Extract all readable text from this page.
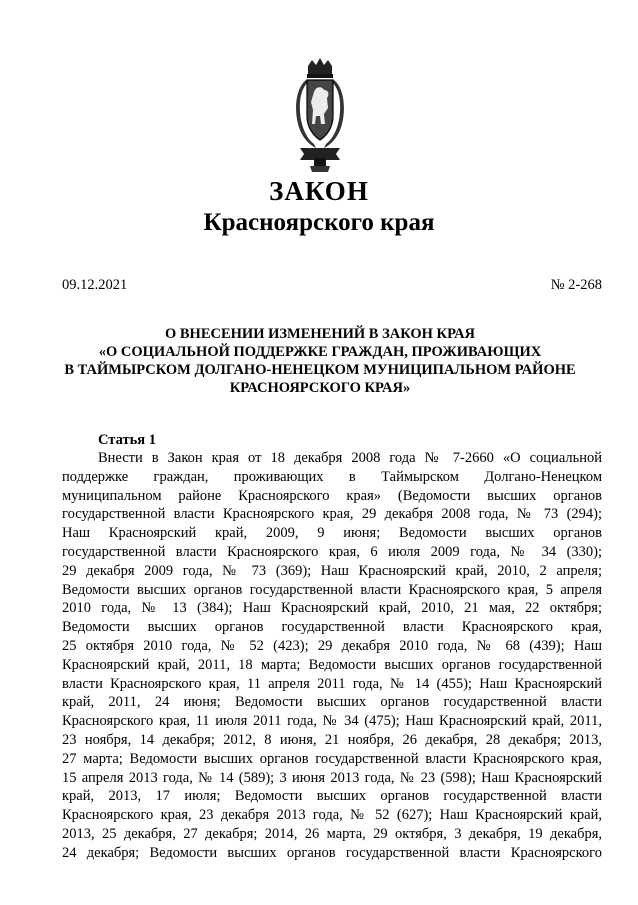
ЗАКОН
Красноярского края
09.12.2021	№ 2-268
О ВНЕСЕНИИ ИЗМЕНЕНИЙ В ЗАКОН КРАЯ
«О СОЦИАЛЬНОЙ ПОДДЕРЖКЕ ГРАЖДАН, ПРОЖИВАЮЩИХ
В ТАЙМЫРСКОМ ДОЛГАНО-НЕНЕЦКОМ МУНИЦИПАЛЬНОМ РАЙОНЕ
КРАСНОЯРСКОГО КРАЯ»
Статья 1
Внести в Закон края от 18 декабря 2008 года № 7-2660 «О социальной
поддержке граждан, проживающих в Таймырском Долгано-Ненецком
муниципальном районе Красноярского края» (Ведомости высших органов
государственной власти Красноярского края, 29 декабря 2008 года, № 73 (294);
Наш Красноярский край, 2009, 9 июня; Ведомости высших органов
государственной власти Красноярского края, 6 июля 2009 года, № 34 (330);
29 декабря 2009 года, № 73 (369); Наш Красноярский край, 2010, 2 апреля;
Ведомости высших органов государственной власти Красноярского края, 5 апреля
2010 года, № 13 (384); Наш Красноярский край, 2010, 21 мая, 22 октября;
Ведомости высших органов государственной власти Красноярского края,
25 октября 2010 года, № 52 (423); 29 декабря 2010 года, № 68 (439); Наш
Красноярский край, 2011, 18 марта; Ведомости высших органов государственной
власти Красноярского края, 11 апреля 2011 года, № 14 (455); Наш Красноярский
край, 2011, 24 июня; Ведомости высших органов государственной власти
Красноярского края, 11 июля 2011 года, № 34 (475); Наш Красноярский край, 2011,
23 ноября, 14 декабря; 2012, 8 июня, 21 ноября, 26 декабря, 28 декабря; 2013,
27 марта; Ведомости высших органов государственной власти Красноярского края,
15 апреля 2013 года, № 14 (589); 3 июня 2013 года, № 23 (598); Наш Красноярский
край, 2013, 17 июля; Ведомости высших органов государственной власти
Красноярского края, 23 декабря 2013 года, № 52 (627); Наш Красноярский край,
2013, 25 декабря, 27 декабря; 2014, 26 марта, 29 октября, 3 декабря, 19 декабря,
24 декабря; Ведомости высших органов государственной власти Красноярского
